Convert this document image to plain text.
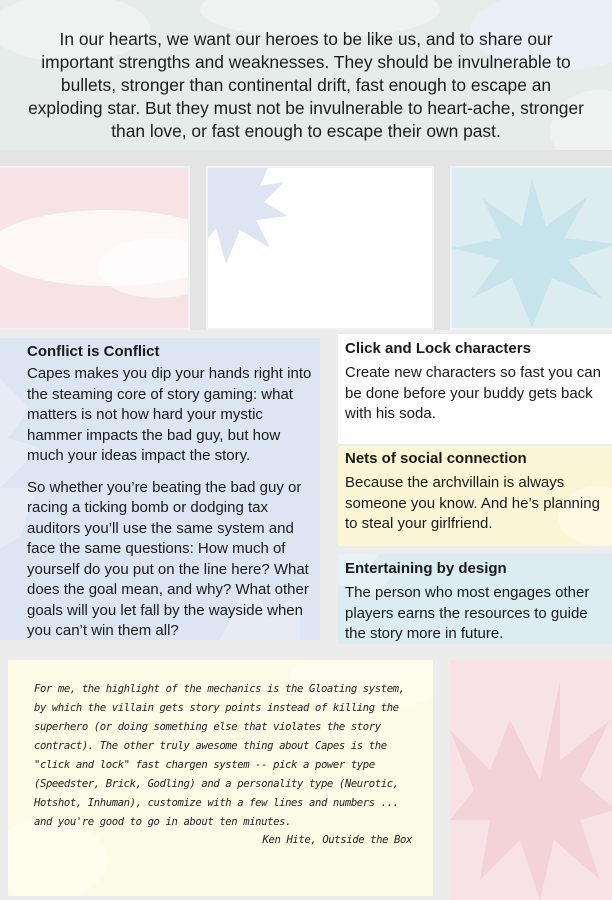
In our hearts, we want our heroes to be like us, and to share our important strengths and weaknesses. They should be invulnerable to bullets, stronger than continental drift, fast enough to escape an exploding star. But they must not be invulnerable to heart-ache, stronger than love, or fast enough to escape their own past.

Conflict is Conflict

Capes makes you dip your hands right into the steaming core of story gaming: what matters is not how hard your mystic hammer impacts the bad guy, but how much your ideas impact the story.

So whether you’re beating the bad guy or racing a ticking bomb or dodging tax auditors you’ll use the same system and face the same questions: How much of yourself do you put on the line here? What does the goal mean, and why? What other goals will you let fall by the wayside when you can’t win them all?

Click and Lock characters

Create new characters so fast you can be done before your buddy gets back with his soda.

Nets of social connection

Because the archvillain is always someone you know. And he’s planning to steal your girlfriend.

Entertaining by design

The person who most engages other players earns the resources to guide the story more in future.

For me, the highlight of the mechanics is the Gloating system, by which the villain gets story points instead of killing the superhero (or doing something else that violates the story contract). The other truly awesome thing about Capes is the "click and lock" fast chargen system -- pick a power type (Speedster, Brick, Godling) and a personality type (Neurotic, Hotshot, Inhuman), customize with a few lines and numbers ... and you're good to go in about ten minutes.

Ken Hite, Outside the Box
